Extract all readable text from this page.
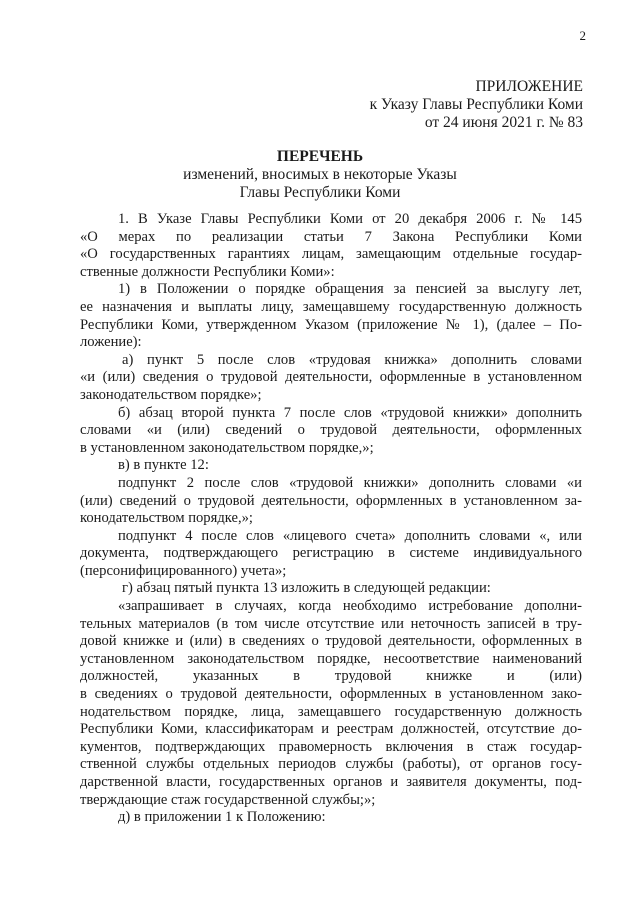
2
ПРИЛОЖЕНИЕ
к Указу Главы Республики Коми
от 24 июня 2021 г. № 83
ПЕРЕЧЕНЬ
изменений, вносимых в некоторые Указы
Главы Республики Коми

1. В Указе Главы Республики Коми от 20 декабря 2006 г. № 145

«О мерах по реализации статьи 7 Закона Республики Коми

«О государственных гарантиях лицам, замещающим отдельные государ-

ственные должности Республики Коми»:

1) в Положении о порядке обращения за пенсией за выслугу лет,

ее назначения и выплаты лицу, замещавшему государственную должность

Республики Коми, утвержденном Указом (приложение № 1), (далее – По-

ложение):

а) пункт 5 после слов «трудовая книжка» дополнить словами

«и (или) сведения о трудовой деятельности, оформленные в установленном

законодательством порядке»;

б) абзац второй пункта 7 после слов «трудовой книжки» дополнить

словами «и (или) сведений о трудовой деятельности, оформленных

в установленном законодательством порядке,»;

в) в пункте 12:

подпункт 2 после слов «трудовой книжки» дополнить словами «и

(или) сведений о трудовой деятельности, оформленных в установленном за-

конодательством порядке,»;

подпункт 4 после слов «лицевого счета» дополнить словами «, или

документа, подтверждающего регистрацию в системе индивидуального

(персонифицированного) учета»;

г) абзац пятый пункта 13 изложить в следующей редакции:

«запрашивает в случаях, когда необходимо истребование дополни-

тельных материалов (в том числе отсутствие или неточность записей в тру-

довой книжке и (или) в сведениях о трудовой деятельности, оформленных в

установленном законодательством порядке, несоответствие наименований

должностей, указанных в трудовой книжке и (или)

в сведениях о трудовой деятельности, оформленных в установленном зако-

нодательством порядке, лица, замещавшего государственную должность

Республики Коми, классификаторам и реестрам должностей, отсутствие до-

кументов, подтверждающих правомерность включения в стаж государ-

ственной службы отдельных периодов службы (работы), от органов госу-

дарственной власти, государственных органов и заявителя документы, под-

тверждающие стаж государственной службы;»;

д) в приложении 1 к Положению:
